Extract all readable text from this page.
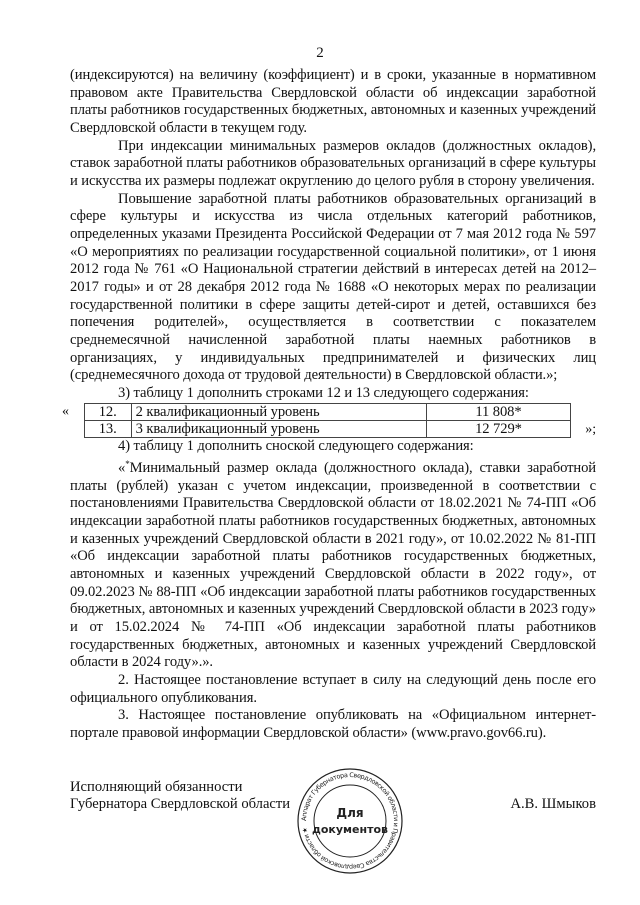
2

(индексируются) на величину (коэффициент) и в сроки, указанные в нормативном правовом акте Правительства Свердловской области об индексации заработной платы работников государственных бюджетных, автономных и казенных учреждений Свердловской области в текущем году.

При индексации минимальных размеров окладов (должностных окладов), ставок заработной платы работников образовательных организаций в сфере культуры и искусства их размеры подлежат округлению до целого рубля в сторону увеличения.

Повышение заработной платы работников образовательных организаций в сфере культуры и искусства из числа отдельных категорий работников, определенных указами Президента Российской Федерации от 7 мая 2012 года № 597 «О мероприятиях по реализации государственной социальной политики», от 1 июня 2012 года № 761 «О Национальной стратегии действий в интересах детей на 2012–2017 годы» и от 28 декабря 2012 года № 1688 «О некоторых мерах по реализации государственной политики в сфере защиты детей-сирот и детей, оставшихся без попечения родителей», осуществляется в соответствии с показателем среднемесячной начисленной заработной платы наемных работников в организациях, у индивидуальных предпринимателей и физических лиц (среднемесячного дохода от трудовой деятельности) в Свердловской области.»;

3) таблицу 1 дополнить строками 12 и 13 следующего содержания:

«	12.	2 квалификационный уровень	11 808*
13.	3 квалификационный уровень	12 729*	»;

4) таблицу 1 дополнить сноской следующего содержания:

«*Минимальный размер оклада (должностного оклада), ставки заработной платы (рублей) указан с учетом индексации, произведенной в соответствии с постановлениями Правительства Свердловской области от 18.02.2021 № 74-ПП «Об индексации заработной платы работников государственных бюджетных, автономных и казенных учреждений Свердловской области в 2021 году», от 10.02.2022 № 81-ПП «Об индексации заработной платы работников государственных бюджетных, автономных и казенных учреждений Свердловской области в 2022 году», от 09.02.2023 № 88-ПП «Об индексации заработной платы работников государственных бюджетных, автономных и казенных учреждений Свердловской области в 2023 году» и от 15.02.2024 № 74-ПП «Об индексации заработной платы работников государственных бюджетных, автономных и казенных учреждений Свердловской области в 2024 году».».

2. Настоящее постановление вступает в силу на следующий день после его официального опубликования.

3. Настоящее постановление опубликовать на «Официальном интернет-портале правовой информации Свердловской области» (www.pravo.gov66.ru).

Исполняющий обязанности
Губернатора Свердловской области
Аппарат Губернатора Свердловской области и Правительства Свердловской области ★
Для
документов
А.В. Шмыков
